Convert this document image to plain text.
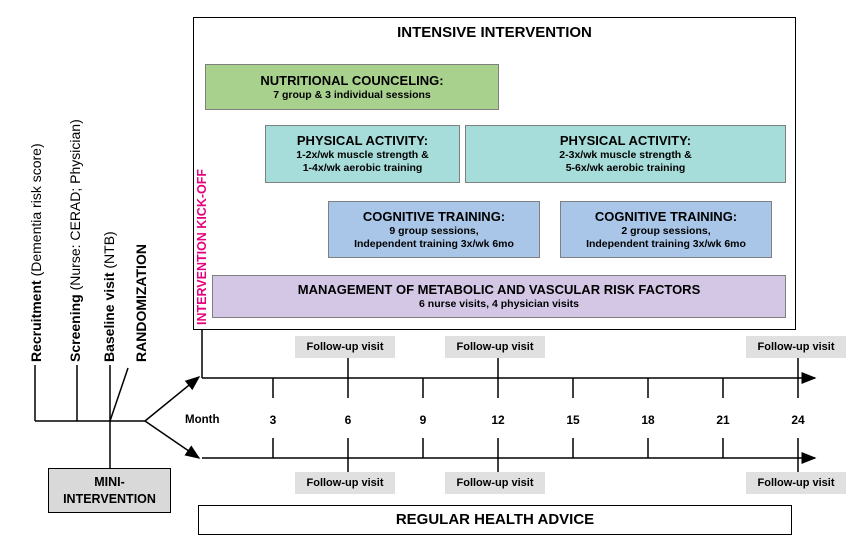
INTENSIVE INTERVENTION
INTERVENTION KICK-OFF
NUTRITIONAL COUNCELING:
7 group & 3 individual sessions
PHYSICAL ACTIVITY:
1-2x/wk muscle strength &
1-4x/wk aerobic training
PHYSICAL ACTIVITY:
2-3x/wk muscle strength &
5-6x/wk aerobic training
COGNITIVE TRAINING:
9 group sessions,
Independent training 3x/wk 6mo
COGNITIVE TRAINING:
2 group sessions,
Independent training 3x/wk 6mo
MANAGEMENT OF METABOLIC AND VASCULAR RISK FACTORS
6 nurse visits, 4 physician visits
Recruitment (Dementia risk score)
Screening (Nurse: CERAD; Physician)
Baseline visit (NTB) RANDOMIZATION
Month	3	6	9	12	15	18	21	24
Follow-up visit	Follow-up visit	Follow-up visit
Follow-up visit	Follow-up visit	Follow-up visit
MINI-
INTERVENTION
REGULAR HEALTH ADVICE
